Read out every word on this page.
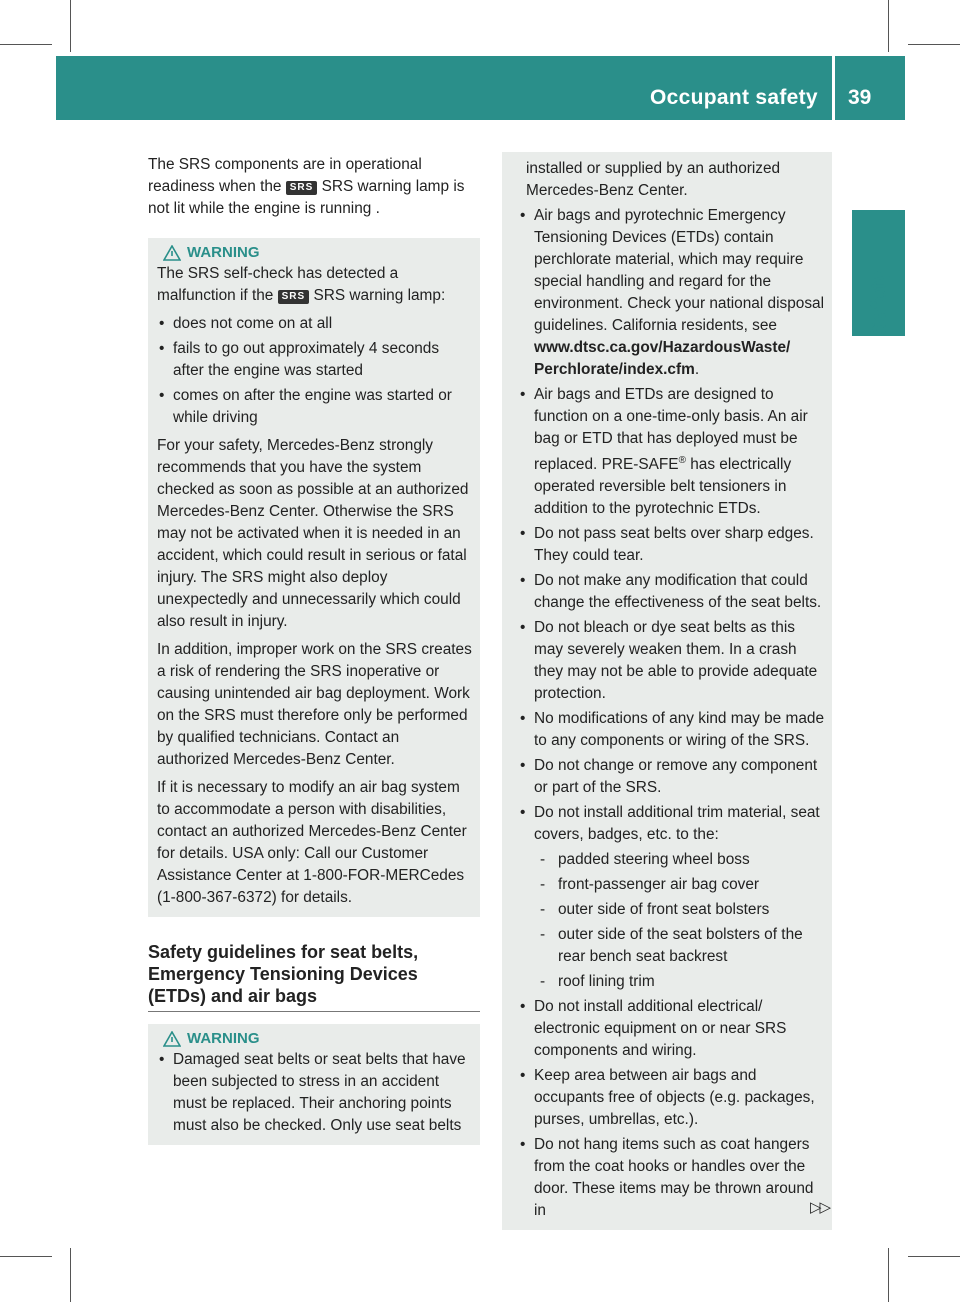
Occupant safety 39
Safety

The SRS components are in operational readiness when the SRS SRS warning lamp is not lit while the engine is running .

WARNING

The SRS self-check has detected a

malfunction if the SRS SRS warning lamp:

• does not come on at all

• fails to go out approximately 4 seconds after the engine was started

• comes on after the engine was started or while driving

For your safety, Mercedes-Benz strongly recommends that you have the system checked as soon as possible at an authorized Mercedes-Benz Center. Otherwise the SRS may not be activated when it is needed in an accident, which could result in serious or fatal injury. The SRS might also deploy unexpectedly and unnecessarily which could also result in injury.

In addition, improper work on the SRS creates a risk of rendering the SRS inoperative or causing unintended air bag deployment. Work on the SRS must therefore only be performed by qualified technicians. Contact an authorized Mercedes-Benz Center.

If it is necessary to modify an air bag system to accommodate a person with disabilities, contact an authorized Mercedes-Benz Center for details. USA only: Call our Customer Assistance Center at 1-800-FOR-MERCedes (1-800-367-6372) for details.

Safety guidelines for seat belts, Emergency Tensioning Devices (ETDs) and air bags
WARNING

• Damaged seat belts or seat belts that have been subjected to stress in an accident must be replaced. Their anchoring points must also be checked. Only use seat belts

installed or supplied by an authorized Mercedes-Benz Center.

• Air bags and pyrotechnic Emergency Tensioning Devices (ETDs) contain perchlorate material, which may require special handling and regard for the environment. Check your national disposal guidelines. California residents, see www.dtsc.ca.gov/HazardousWaste/ Perchlorate/index.cfm.

• Air bags and ETDs are designed to function on a one-time-only basis. An air bag or ETD that has deployed must be replaced. PRE-SAFE® has electrically operated reversible belt tensioners in addition to the pyrotechnic ETDs.

• Do not pass seat belts over sharp edges. They could tear.

• Do not make any modification that could change the effectiveness of the seat belts.

• Do not bleach or dye seat belts as this may severely weaken them. In a crash they may not be able to provide adequate protection.

• No modifications of any kind may be made to any components or wiring of the SRS.

• Do not change or remove any component or part of the SRS.

• Do not install additional trim material, seat covers, badges, etc. to the:

- padded steering wheel boss

- front-passenger air bag cover

- outer side of front seat bolsters

- outer side of the seat bolsters of the rear bench seat backrest

- roof lining trim

• Do not install additional electrical/ electronic equipment on or near SRS components and wiring.

• Keep area between air bags and occupants free of objects (e.g. packages, purses, umbrellas, etc.).

• Do not hang items such as coat hangers from the coat hooks or handles over the door. These items may be thrown around in	▷▷
